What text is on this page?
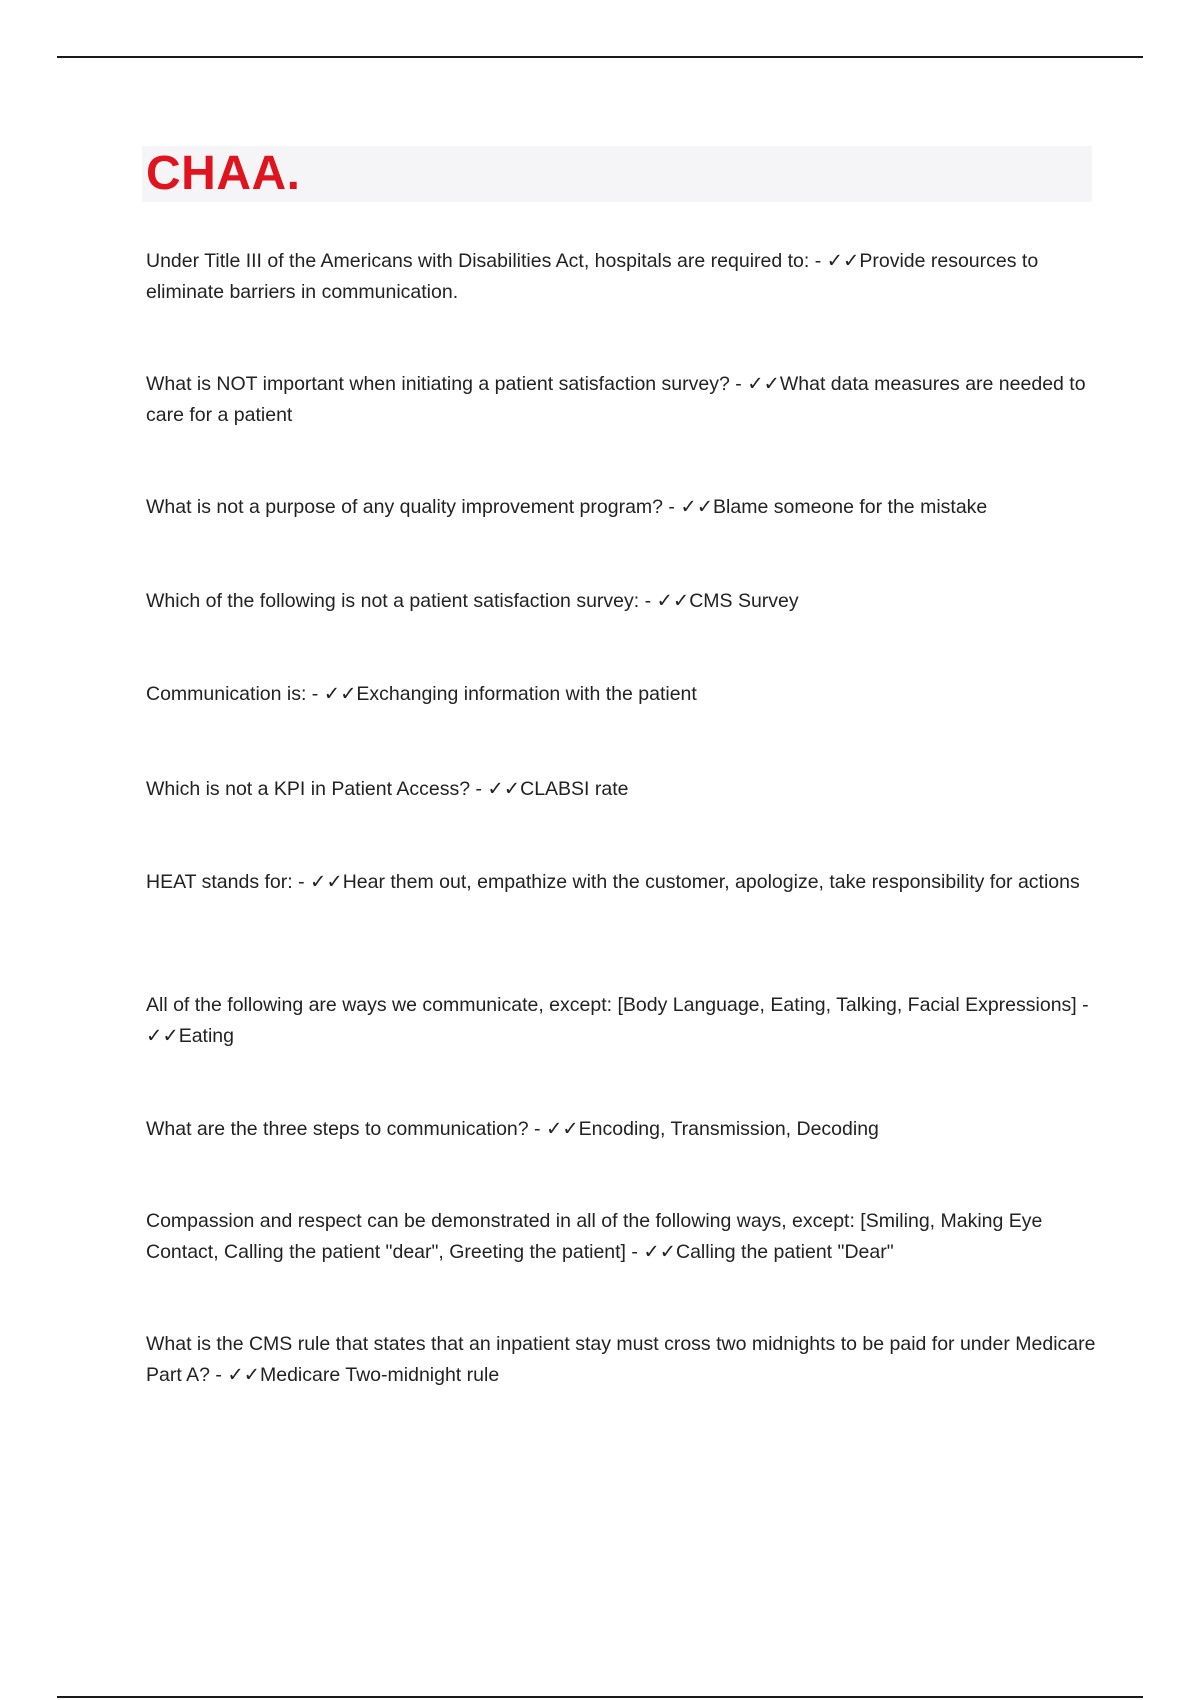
CHAA.
Under Title III of the Americans with Disabilities Act, hospitals are required to: - ✓✓Provide resources to eliminate barriers in communication.
What is NOT important when initiating a patient satisfaction survey? - ✓✓What data measures are needed to care for a patient
What is not a purpose of any quality improvement program? - ✓✓Blame someone for the mistake
Which of the following is not a patient satisfaction survey: - ✓✓CMS Survey
Communication is: - ✓✓Exchanging information with the patient
Which is not a KPI in Patient Access? - ✓✓CLABSI rate
HEAT stands for: - ✓✓Hear them out, empathize with the customer, apologize, take responsibility for actions
All of the following are ways we communicate, except: [Body Language, Eating, Talking, Facial Expressions] - ✓✓Eating
What are the three steps to communication? - ✓✓Encoding, Transmission, Decoding
Compassion and respect can be demonstrated in all of the following ways, except: [Smiling, Making Eye Contact, Calling the patient "dear", Greeting the patient] - ✓✓Calling the patient "Dear"
What is the CMS rule that states that an inpatient stay must cross two midnights to be paid for under Medicare Part A? - ✓✓Medicare Two-midnight rule
